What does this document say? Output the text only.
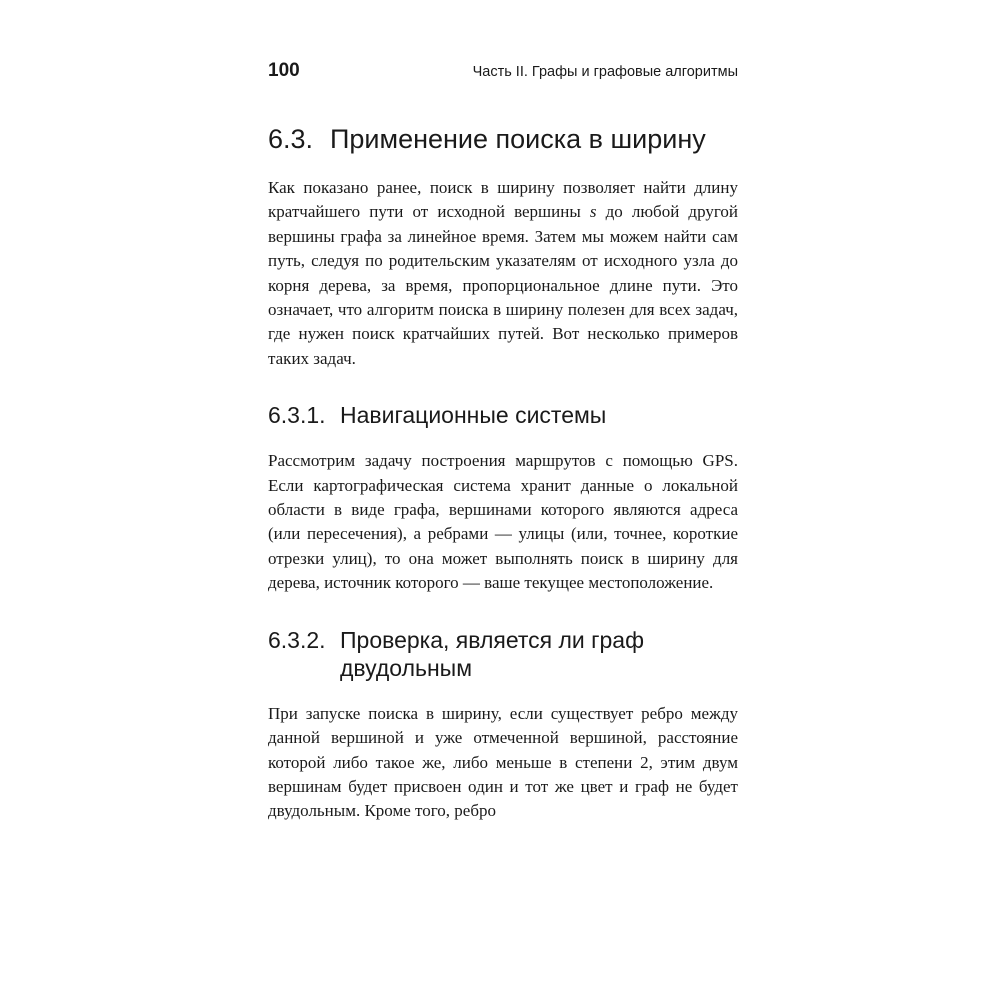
100	Часть II. Графы и графовые алгоритмы
6.3. Применение поиска в ширину

Как показано ранее, поиск в ширину позволяет найти длину кратчайшего пути от исходной вершины s до любой другой вершины графа за линейное время. Затем мы можем найти сам путь, следуя по родительским указателям от исходного узла до корня дерева, за время, пропорциональное длине пути. Это означает, что алгоритм поиска в ширину полезен для всех задач, где нужен поиск кратчайших путей. Вот несколько примеров таких задач.

6.3.1. Навигационные системы

Рассмотрим задачу построения маршрутов с помощью GPS. Если картографическая система хранит данные о локальной области в виде графа, вершинами которого являются адреса (или пересечения), а ребрами — улицы (или, точнее, короткие отрезки улиц), то она может выполнять поиск в ширину для дерева, источник которого — ваше текущее местоположение.

6.3.2. Проверка, является ли граф двудольным

При запуске поиска в ширину, если существует ребро между данной вершиной и уже отмеченной вершиной, расстояние которой либо такое же, либо меньше в степени 2, этим двум вершинам будет присвоен один и тот же цвет и граф не будет двудольным. Кроме того, ребро
